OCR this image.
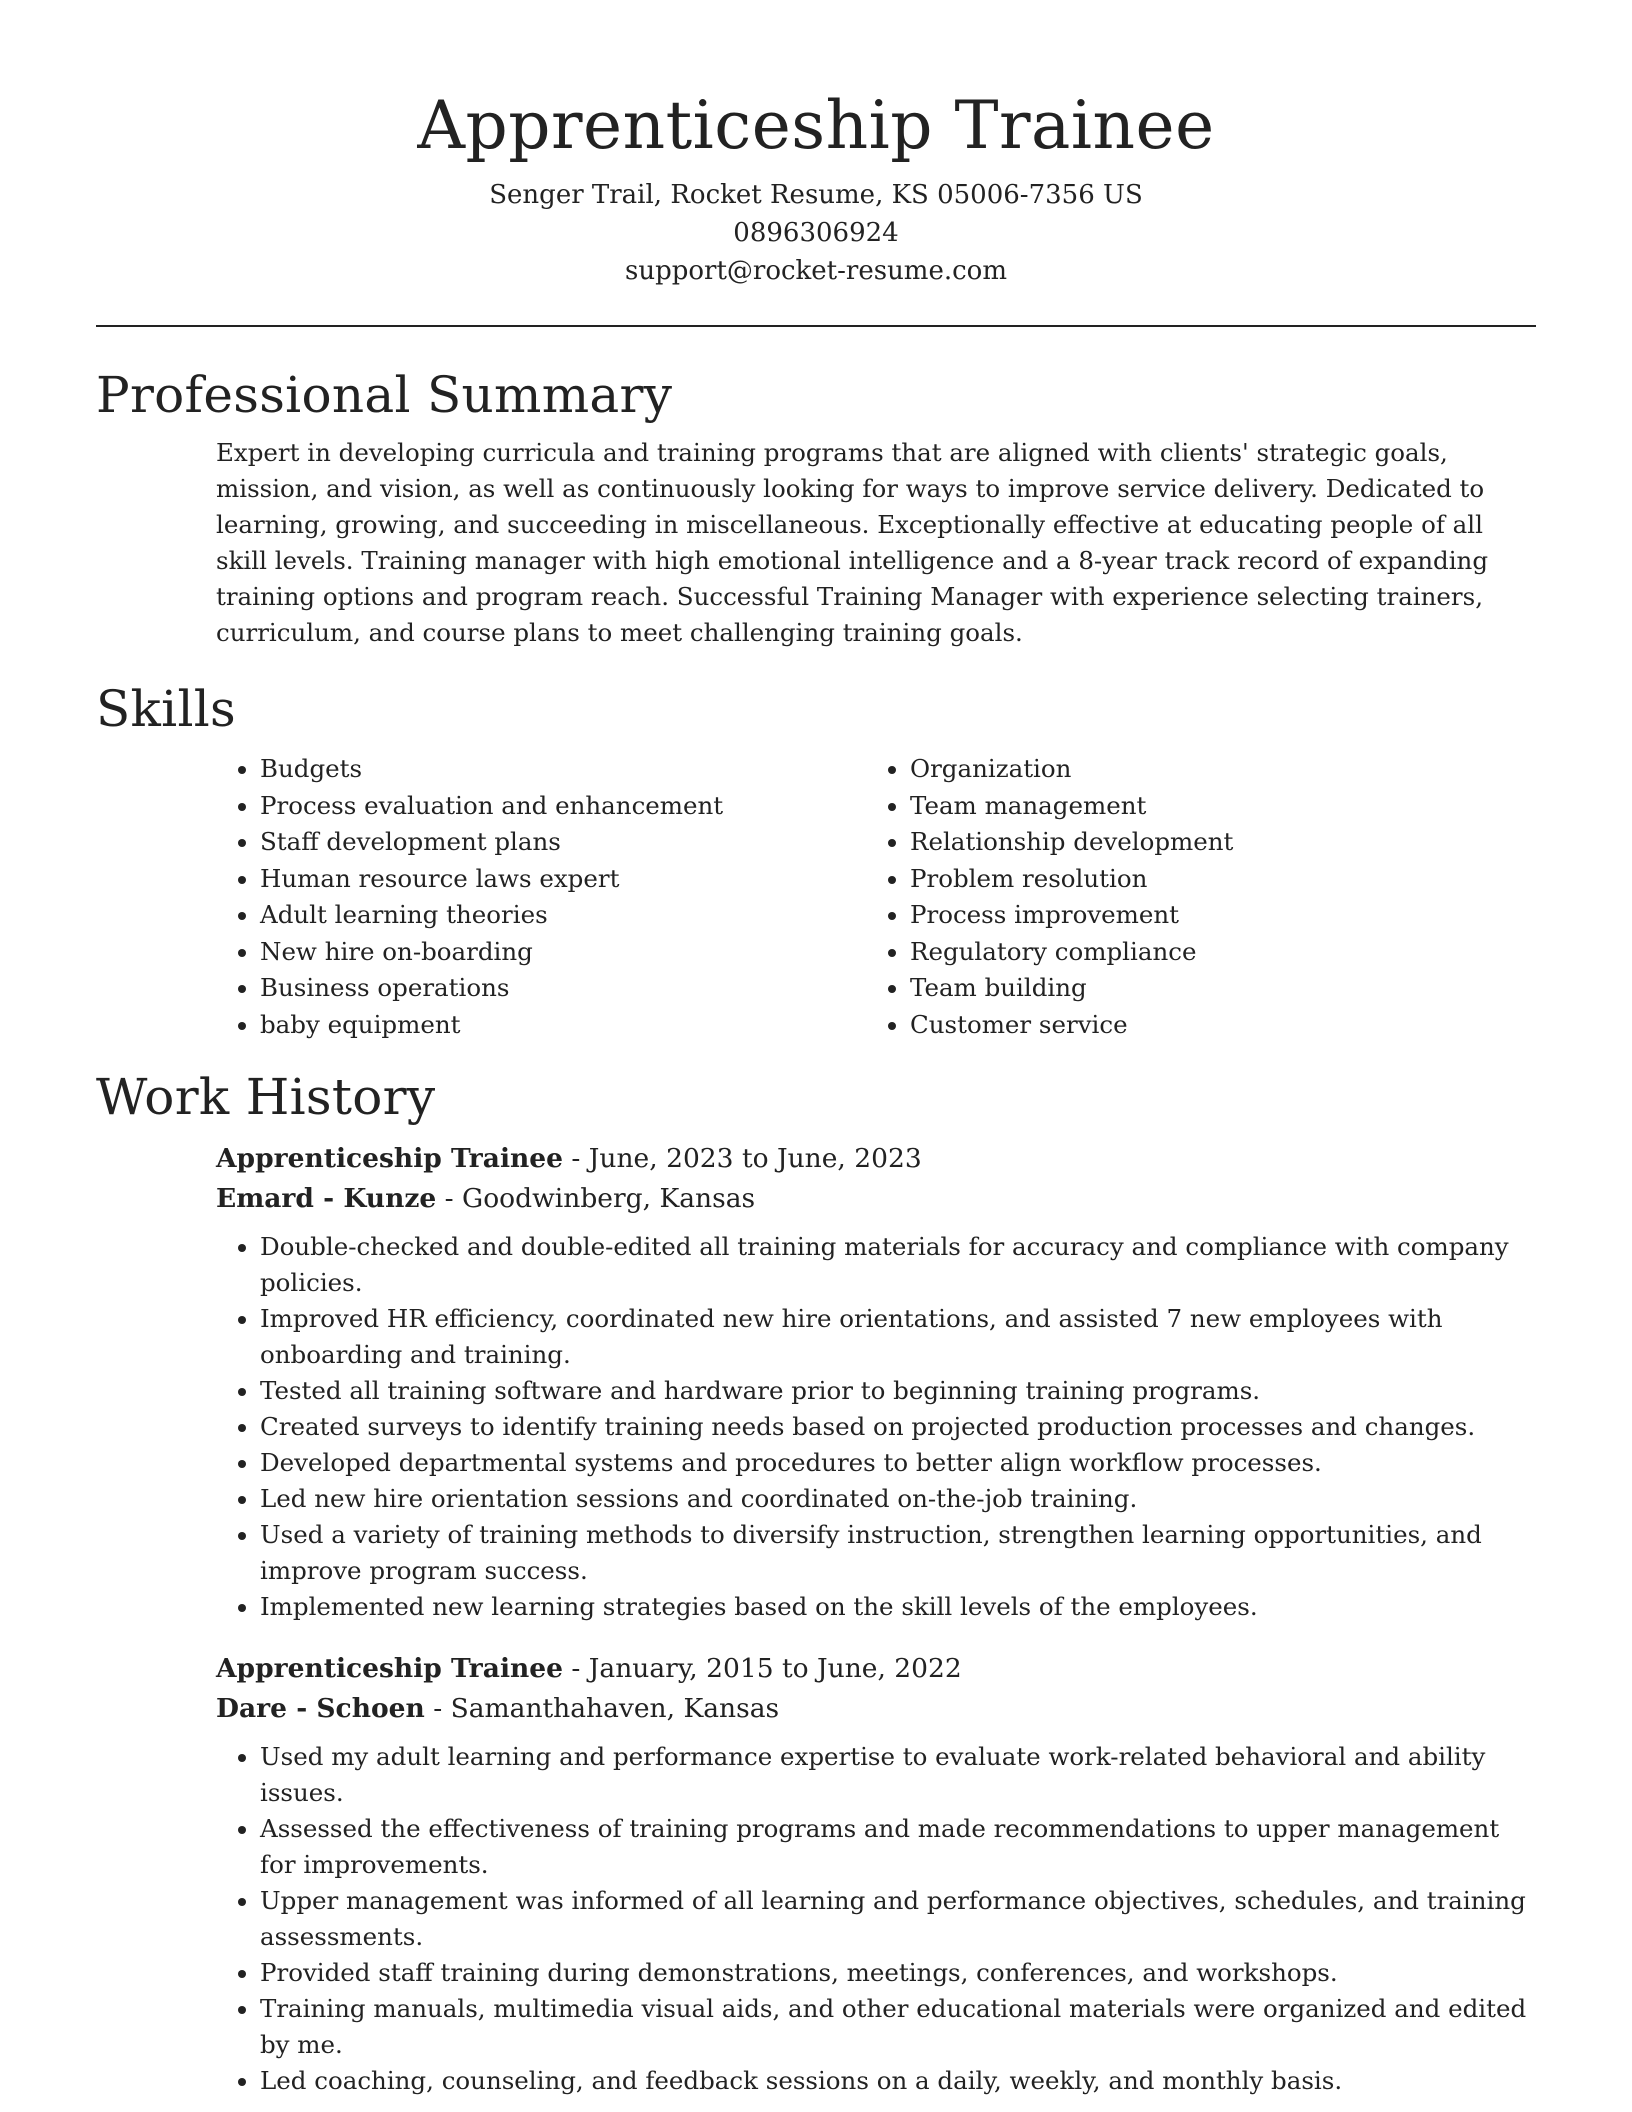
Apprenticeship Trainee
Senger Trail, Rocket Resume, KS 05006-7356 US
0896306924
support@rocket-resume.com
Professional Summary

Expert in developing curricula and training programs that are aligned with clients' strategic goals, mission, and vision, as well as continuously looking for ways to improve service delivery. Dedicated to learning, growing, and succeeding in miscellaneous. Exceptionally effective at educating people of all skill levels. Training manager with high emotional intelligence and a 8-year track record of expanding training options and program reach. Successful Training Manager with experience selecting trainers, curriculum, and course plans to meet challenging training goals.

Skills
• Budgets
• Process evaluation and enhancement
• Staff development plans
• Human resource laws expert
• Adult learning theories
• New hire on-boarding
• Business operations
• baby equipment
• Organization
• Team management
• Relationship development
• Problem resolution
• Process improvement
• Regulatory compliance
• Team building
• Customer service
Work History
Apprenticeship Trainee - June, 2023 to June, 2023
Emard - Kunze - Goodwinberg, Kansas
• Double-checked and double-edited all training materials for accuracy and compliance with company policies.
• Improved HR efficiency, coordinated new hire orientations, and assisted 7 new employees with onboarding and training.
• Tested all training software and hardware prior to beginning training programs.
• Created surveys to identify training needs based on projected production processes and changes.
• Developed departmental systems and procedures to better align workflow processes.
• Led new hire orientation sessions and coordinated on-the-job training.
• Used a variety of training methods to diversify instruction, strengthen learning opportunities, and improve program success.
• Implemented new learning strategies based on the skill levels of the employees.
Apprenticeship Trainee - January, 2015 to June, 2022
Dare - Schoen - Samanthahaven, Kansas
• Used my adult learning and performance expertise to evaluate work-related behavioral and ability issues.
• Assessed the effectiveness of training programs and made recommendations to upper management for improvements.
• Upper management was informed of all learning and performance objectives, schedules, and training assessments.
• Provided staff training during demonstrations, meetings, conferences, and workshops.
• Training manuals, multimedia visual aids, and other educational materials were organized and edited by me.
• Led coaching, counseling, and feedback sessions on a daily, weekly, and monthly basis.
